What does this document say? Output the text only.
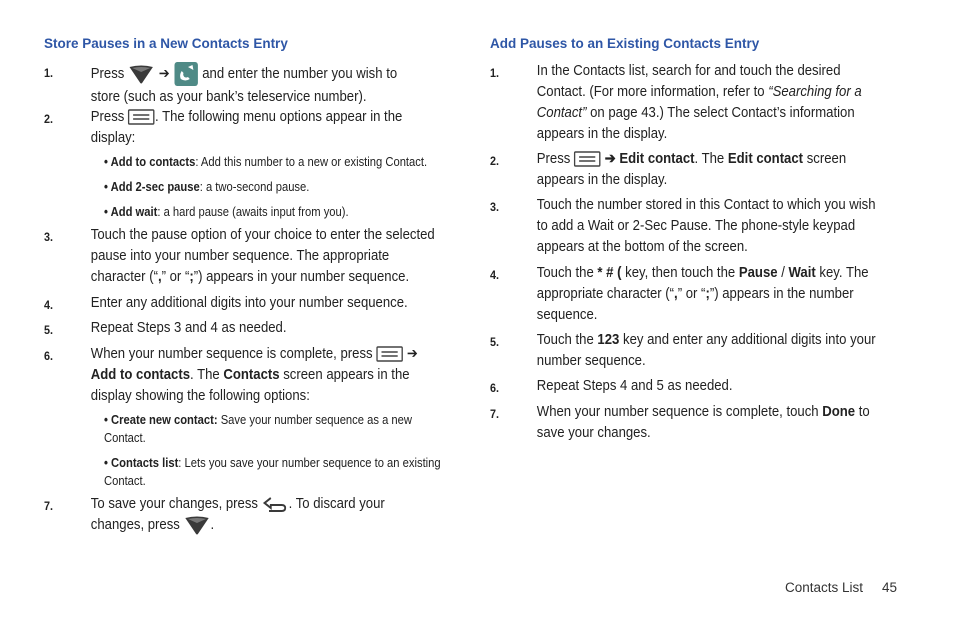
Store Pauses in a New Contacts Entry
1.	Press ➔ and enter the number you wish to
store (such as your bank’s teleservice number).
2.	Press . The following menu options appear in the
display:
• Add to contacts: Add this number to a new or existing Contact.
• Add 2-sec pause: a two-second pause.
• Add wait: a hard pause (awaits input from you).
3.	Touch the pause option of your choice to enter the selected
pause into your number sequence. The appropriate
character (“,” or “;”) appears in your number sequence.
4.	Enter any additional digits into your number sequence.
5.	Repeat Steps 3 and 4 as needed.
6.	When your number sequence is complete, press ➔
Add to contacts. The Contacts screen appears in the
display showing the following options:
• Create new contact: Save your number sequence as a new
Contact.
• Contacts list: Lets you save your number sequence to an existing
Contact.
7.	To save your changes, press . To discard your
changes, press .
Add Pauses to an Existing Contacts Entry
1.	In the Contacts list, search for and touch the desired
Contact. (For more information, refer to “Searching for a
Contact” on page 43.) The select Contact’s information
appears in the display.
2.	Press ➔ Edit contact. The Edit contact screen
appears in the display.
3.	Touch the number stored in this Contact to which you wish
to add a Wait or 2-Sec Pause. The phone-style keypad
appears at the bottom of the screen.
4.	Touch the * # ( key, then touch the Pause / Wait key. The
appropriate character (“,” or “;”) appears in the number
sequence.
5.	Touch the 123 key and enter any additional digits into your
number sequence.
6.	Repeat Steps 4 and 5 as needed.
7.	When your number sequence is complete, touch Done to
save your changes.
Contacts List 45
